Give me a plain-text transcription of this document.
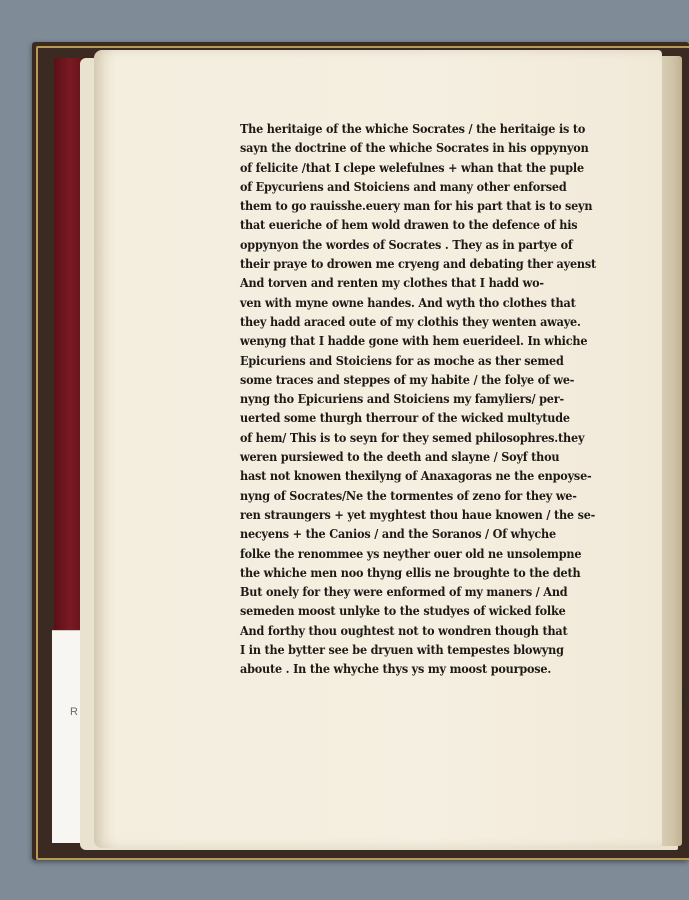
R
The heritaige of the whiche Socrates / the heritaige is to
sayn the doctrine of the whiche Socrates in his oppynyon
of felicite /that I clepe welefulnes + whan that the puple
of Epycuriens and Stoiciens and many other enforsed
them to go rauisshe.euery man for his part that is to seyn
that eueriche of hem wold drawen to the defence of his
oppynyon the wordes of Socrates . They as in partye of
their praye to drowen me cryeng and debating ther ayenst
And torven and renten my clothes that I hadd wo-
ven with myne owne handes. And wyth tho clothes that
they hadd araced oute of my clothis they wenten awaye.
wenyng that I hadde gone with hem euerideel. In whiche
Epicuriens and Stoiciens for as moche as ther semed
some traces and steppes of my habite / the folye of we-
nyng tho Epicuriens and Stoiciens my famyliers/ per-
uerted some thurgh therrour of the wicked multytude
of hem/ This is to seyn for they semed philosophres.they
weren pursiewed to the deeth and slayne / Soyf thou
hast not knowen thexilyng of Anaxagoras ne the enpoyse-
nyng of Socrates/Ne the tormentes of zeno for they we-
ren straungers + yet myghtest thou haue knowen / the se-
necyens + the Canios / and the Soranos / Of whyche
folke the renommee ys neyther ouer old ne unsolempne
the whiche men noo thyng ellis ne broughte to the deth
But onely for they were enformed of my maners / And
semeden moost unlyke to the studyes of wicked folke
And forthy thou oughtest not to wondren though that
I in the bytter see be dryuen with tempestes blowyng
aboute . In the whyche thys ys my moost pourpose.
